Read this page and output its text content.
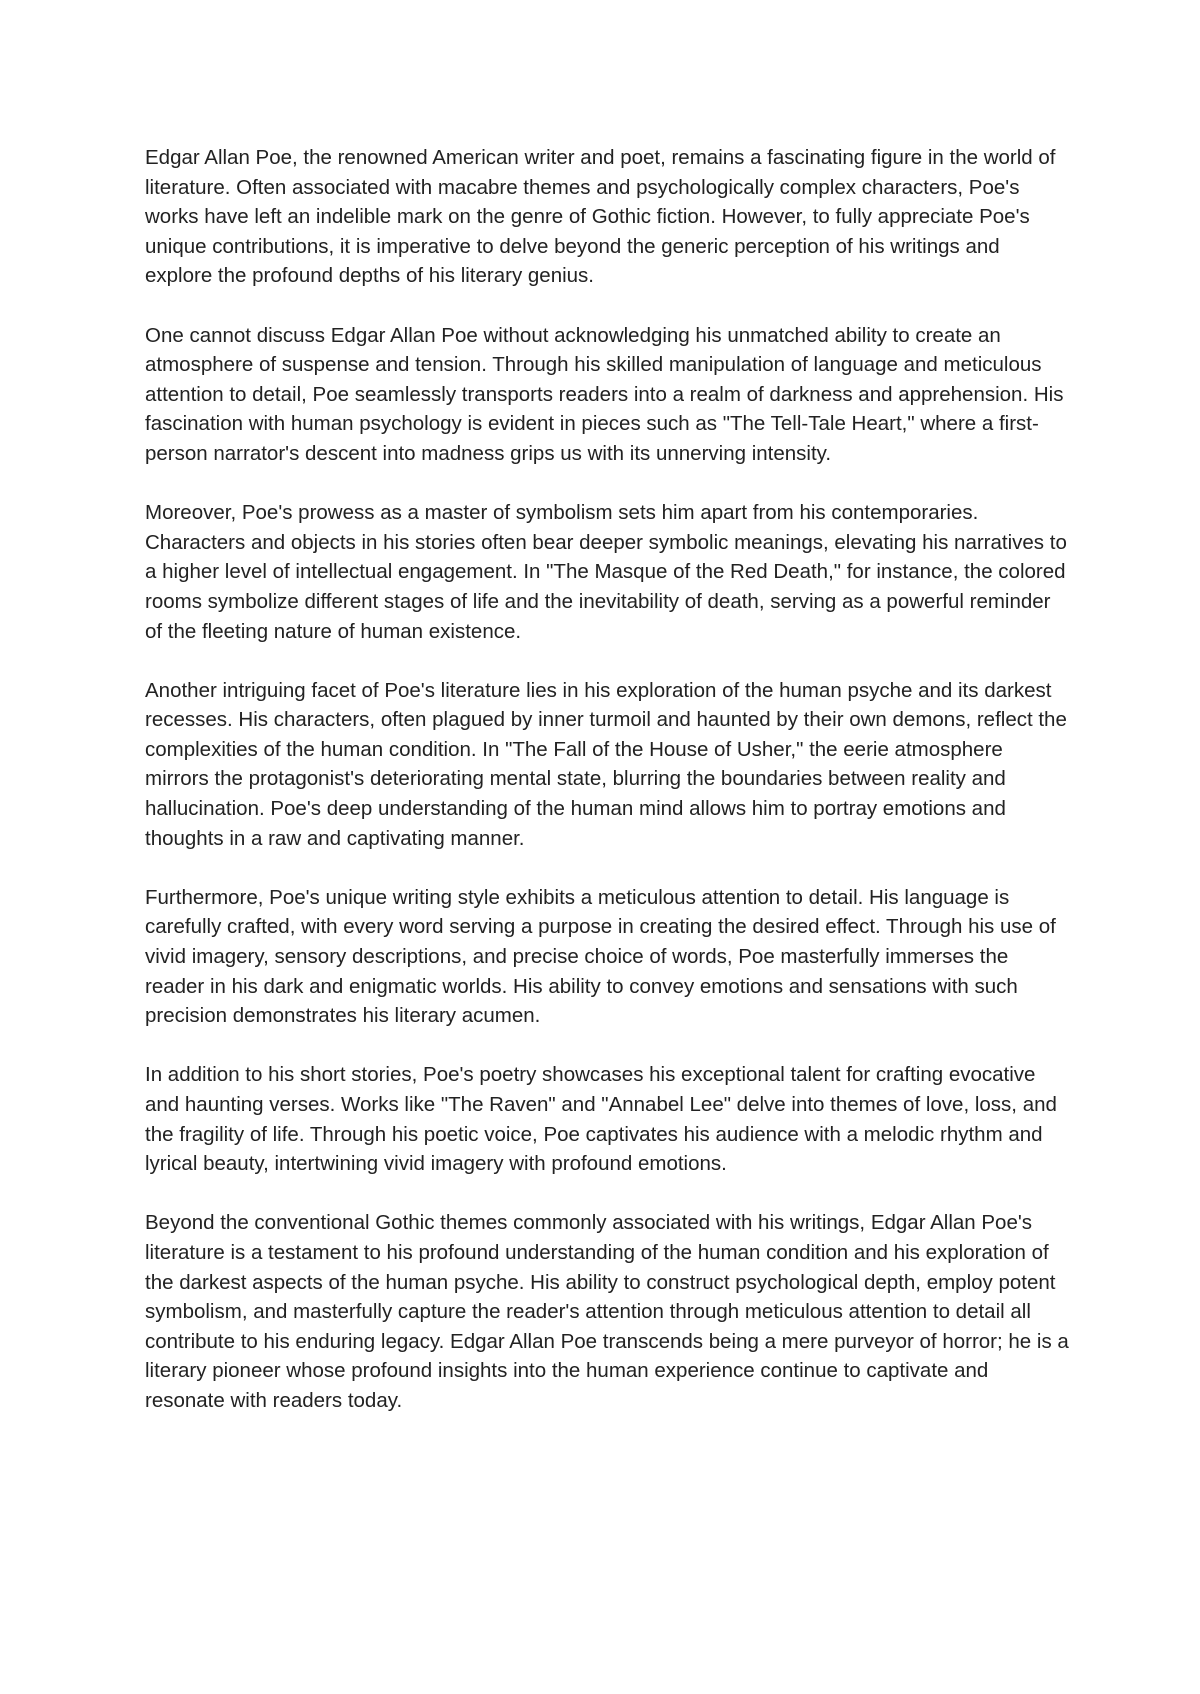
Edgar Allan Poe, the renowned American writer and poet, remains a fascinating figure in the world of literature. Often associated with macabre themes and psychologically complex characters, Poe's works have left an indelible mark on the genre of Gothic fiction. However, to fully appreciate Poe's unique contributions, it is imperative to delve beyond the generic perception of his writings and explore the profound depths of his literary genius.

One cannot discuss Edgar Allan Poe without acknowledging his unmatched ability to create an atmosphere of suspense and tension. Through his skilled manipulation of language and meticulous attention to detail, Poe seamlessly transports readers into a realm of darkness and apprehension. His fascination with human psychology is evident in pieces such as "The Tell-Tale Heart," where a first-person narrator's descent into madness grips us with its unnerving intensity.

Moreover, Poe's prowess as a master of symbolism sets him apart from his contemporaries. Characters and objects in his stories often bear deeper symbolic meanings, elevating his narratives to a higher level of intellectual engagement. In "The Masque of the Red Death," for instance, the colored rooms symbolize different stages of life and the inevitability of death, serving as a powerful reminder of the fleeting nature of human existence.

Another intriguing facet of Poe's literature lies in his exploration of the human psyche and its darkest recesses. His characters, often plagued by inner turmoil and haunted by their own demons, reflect the complexities of the human condition. In "The Fall of the House of Usher," the eerie atmosphere mirrors the protagonist's deteriorating mental state, blurring the boundaries between reality and hallucination. Poe's deep understanding of the human mind allows him to portray emotions and thoughts in a raw and captivating manner.

Furthermore, Poe's unique writing style exhibits a meticulous attention to detail. His language is carefully crafted, with every word serving a purpose in creating the desired effect. Through his use of vivid imagery, sensory descriptions, and precise choice of words, Poe masterfully immerses the reader in his dark and enigmatic worlds. His ability to convey emotions and sensations with such precision demonstrates his literary acumen.

In addition to his short stories, Poe's poetry showcases his exceptional talent for crafting evocative and haunting verses. Works like "The Raven" and "Annabel Lee" delve into themes of love, loss, and the fragility of life. Through his poetic voice, Poe captivates his audience with a melodic rhythm and lyrical beauty, intertwining vivid imagery with profound emotions.

Beyond the conventional Gothic themes commonly associated with his writings, Edgar Allan Poe's literature is a testament to his profound understanding of the human condition and his exploration of the darkest aspects of the human psyche. His ability to construct psychological depth, employ potent symbolism, and masterfully capture the reader's attention through meticulous attention to detail all contribute to his enduring legacy. Edgar Allan Poe transcends being a mere purveyor of horror; he is a literary pioneer whose profound insights into the human experience continue to captivate and resonate with readers today.
